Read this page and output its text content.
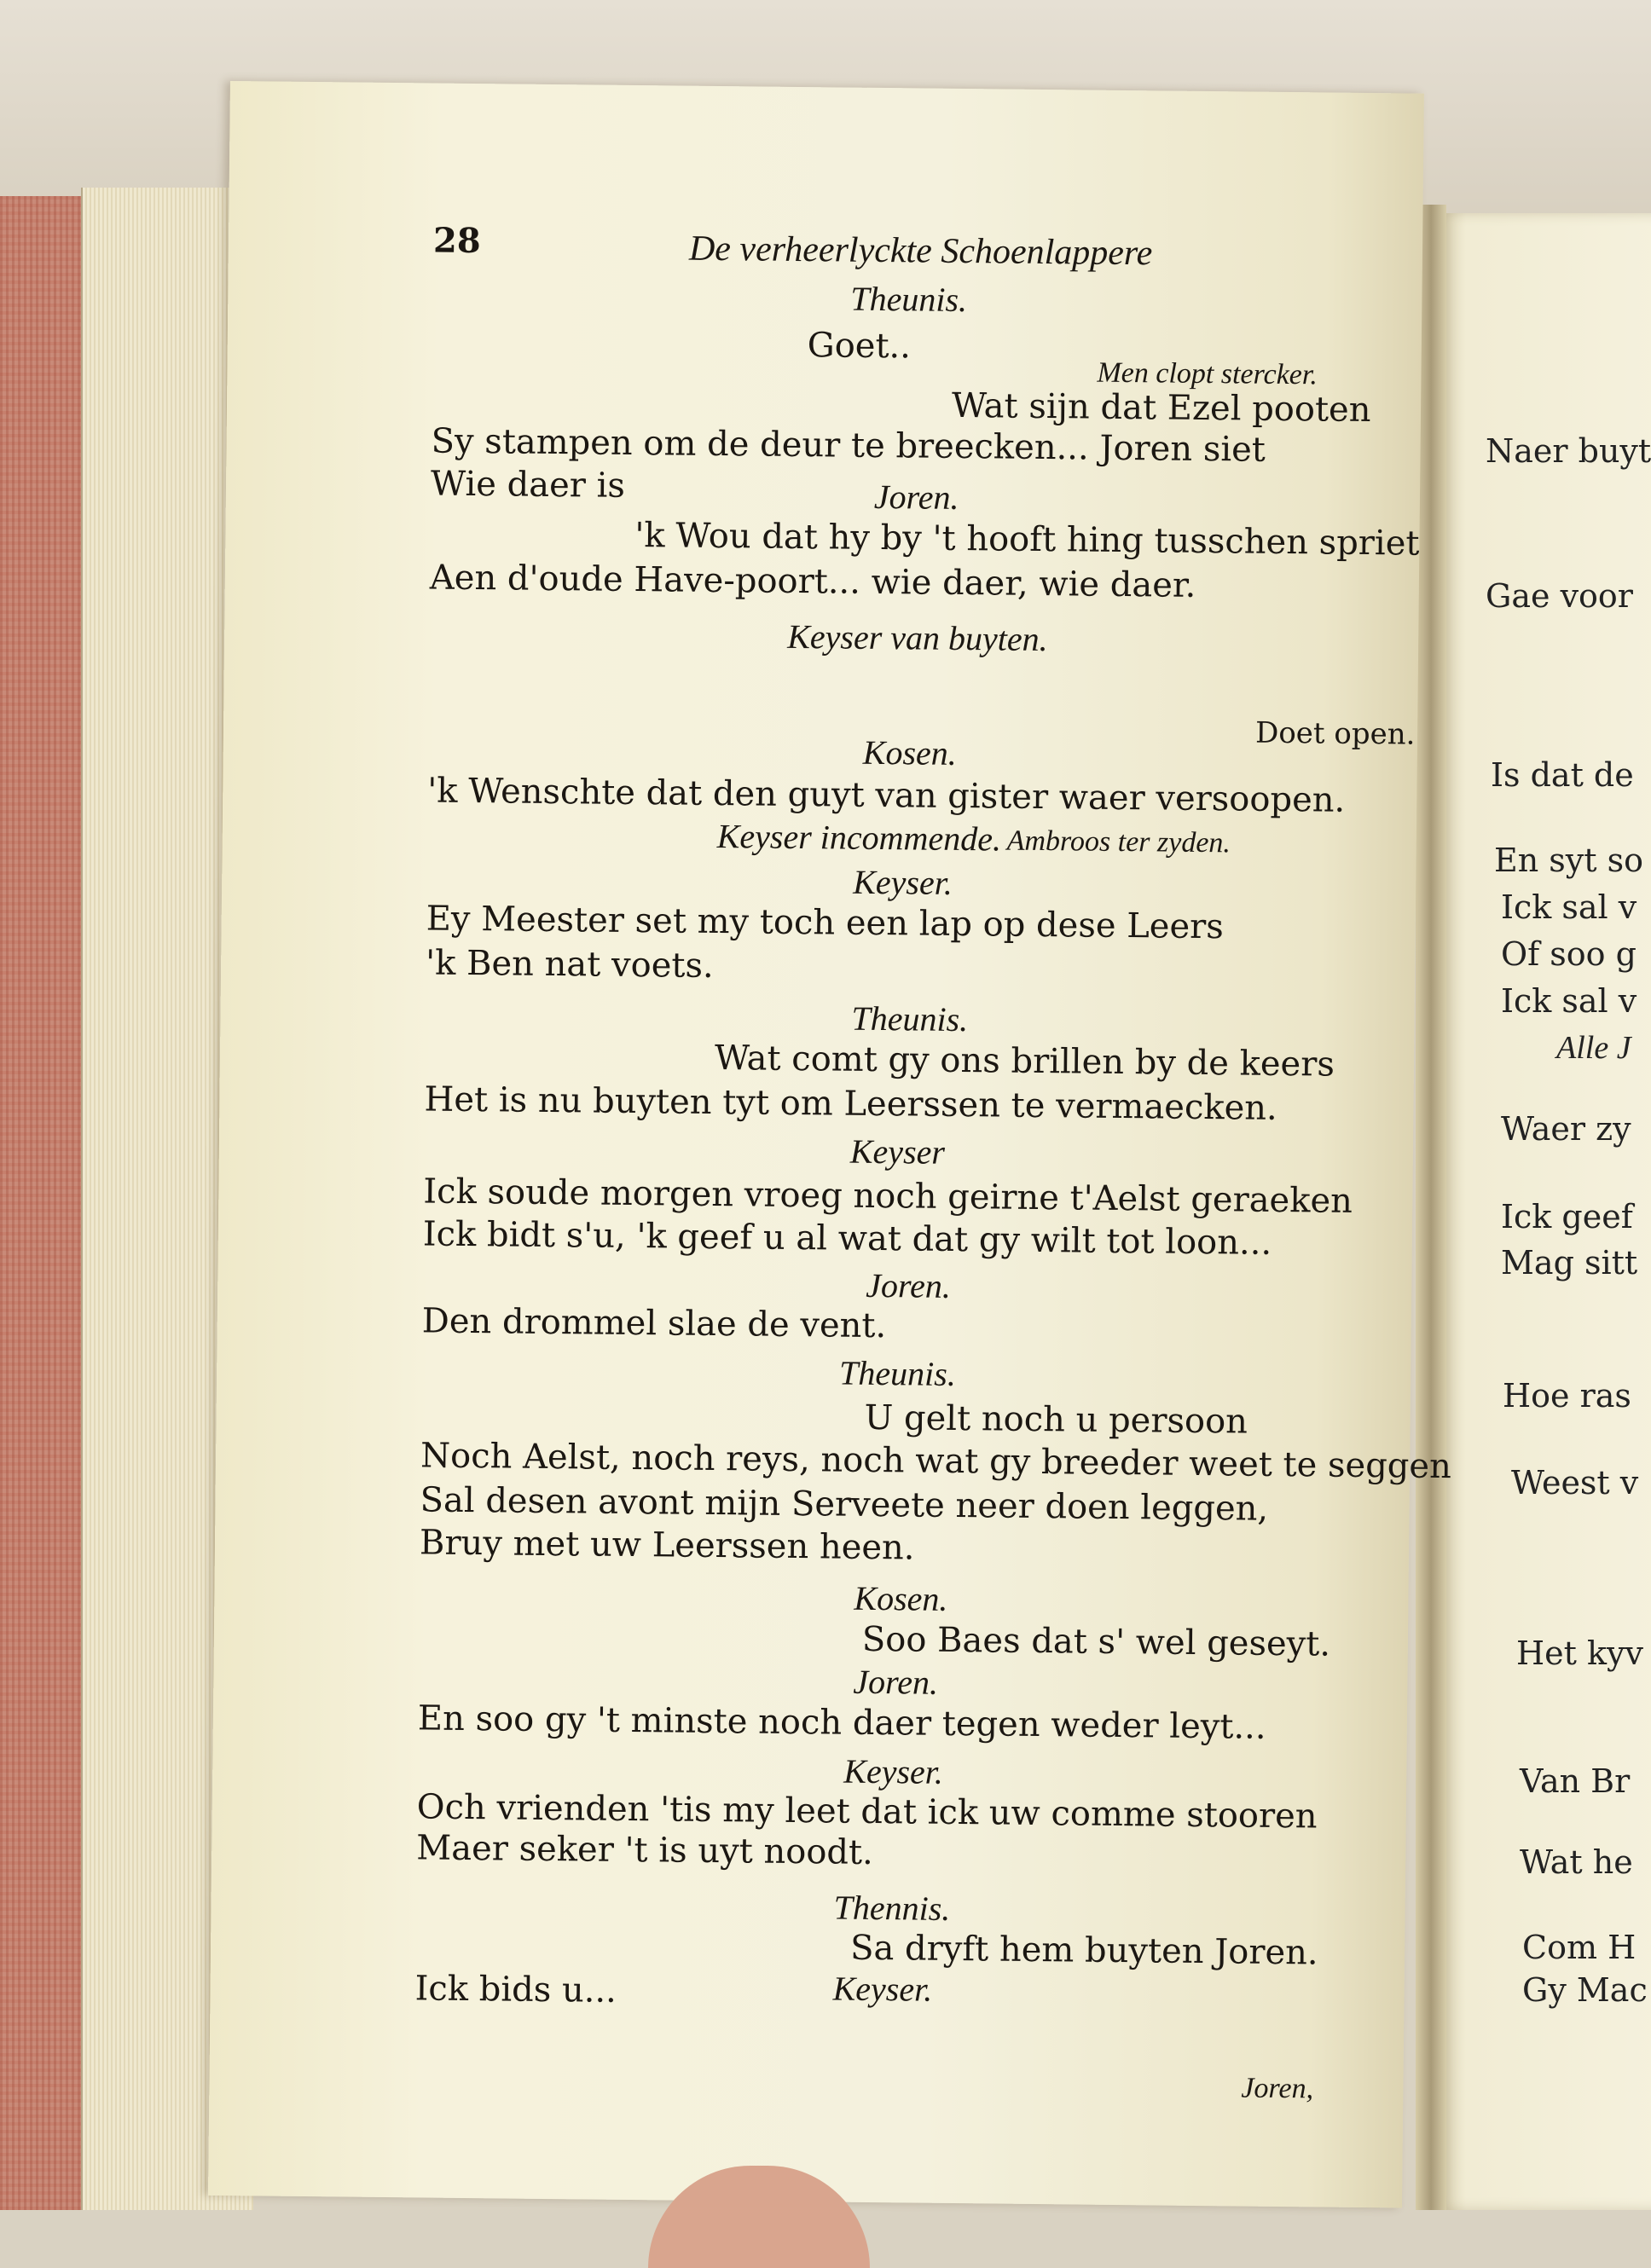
28	De verheerlyckte Schoenlappere

Theunis.

Goet..

Men clopt stercker.

Wat sijn dat Ezel pooten

Sy stampen om de deur te breecken... Joren siet

Wie daer is	Joren.

'k Wou dat hy by 't hooft hing tusschen spriet

Aen d'oude Have-poort... wie daer, wie daer.

Keyser van buyten.

Doet open.

Kosen.

'k Wenschte dat den guyt van gister waer versoopen.

Keyser incommende. Ambroos ter zyden.

Keyser.

Ey Meester set my toch een lap op dese Leers

'k Ben nat voets.

Theunis.

Wat comt gy ons brillen by de keers

Het is nu buyten tyt om Leerssen te vermaecken.

Keyser

Ick soude morgen vroeg noch geirne t'Aelst geraeken

Ick bidt s'u, 'k geef u al wat dat gy wilt tot loon...

Joren.

Den drommel slae de vent.

Theunis.

U gelt noch u persoon

Noch Aelst, noch reys, noch wat gy breeder weet te seggen

Sal desen avont mijn Serveete neer doen leggen,

Bruy met uw Leerssen heen.

Kosen.

Soo Baes dat s' wel geseyt.

Joren.

En soo gy 't minste noch daer tegen weder leyt...

Keyser.

Och vrienden 'tis my leet dat ick uw comme stooren

Maer seker 't is uyt noodt.

Thennis.

Sa dryft hem buyten Joren.

Ick bids u...	Keyser.

Joren,

Naer buyt

Gae voor

Is dat de

En syt so

Ick sal v

Of soo g

Ick sal v

Alle J

Waer zy

Ick geef

Mag sitt

Hoe ras

Weest v

Het kyv

Van Br

Wat he

Com H

Gy Mac
